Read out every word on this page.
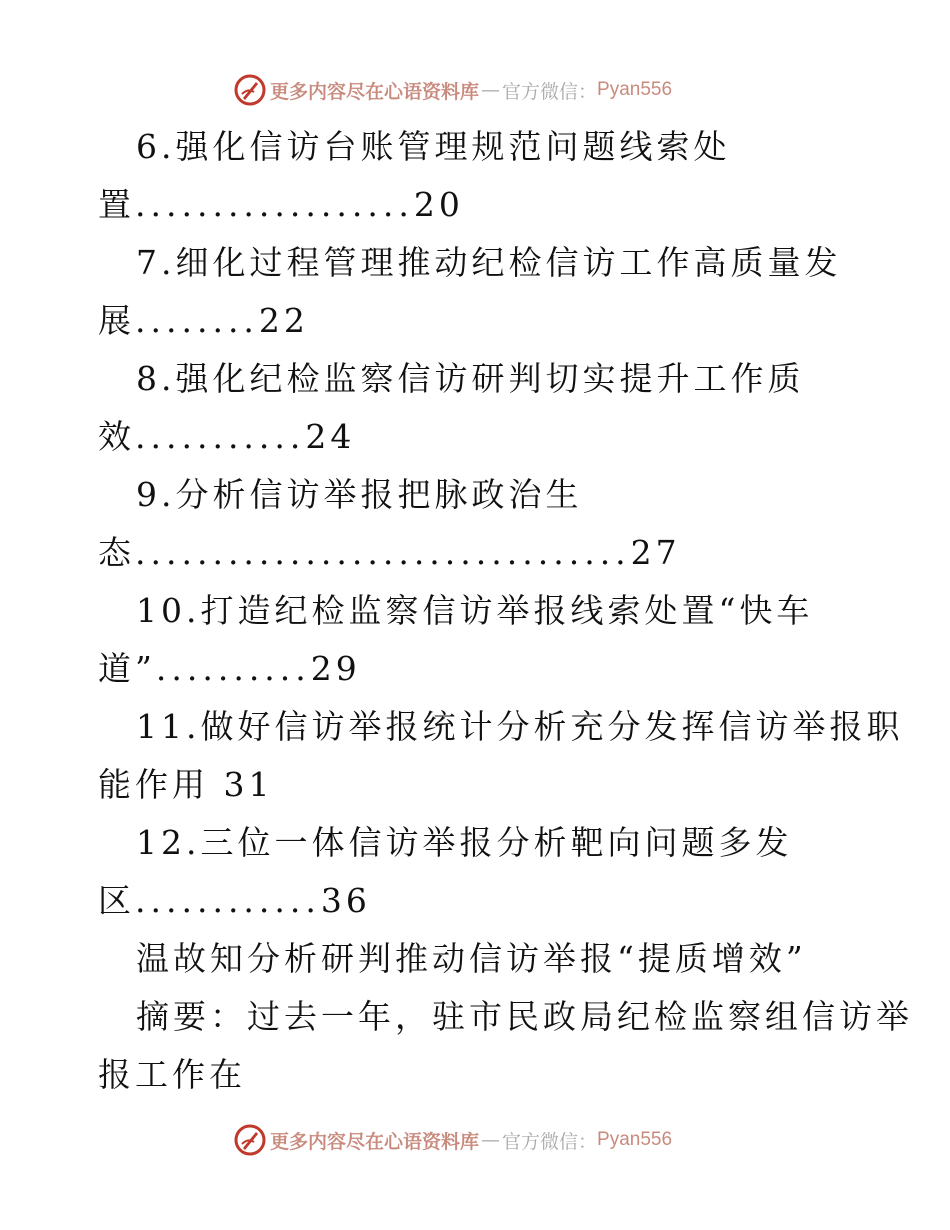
更多内容尽在心语资料库 — 官方微信： Pyan556
6.强化信访台账管理规范问题线索处
置..................20
7.细化过程管理推动纪检信访工作高质量发
展........22
8.强化纪检监察信访研判切实提升工作质
效...........24
9.分析信访举报把脉政治生
态................................27
10.打造纪检监察信访举报线索处置“快车
道”..........29
11.做好信访举报统计分析充分发挥信访举报职
能作用 31
12.三位一体信访举报分析靶向问题多发
区............36
温故知分析研判推动信访举报“提质增效”
摘要：过去一年，驻市民政局纪检监察组信访举
报工作在
更多内容尽在心语资料库 — 官方微信： Pyan556
